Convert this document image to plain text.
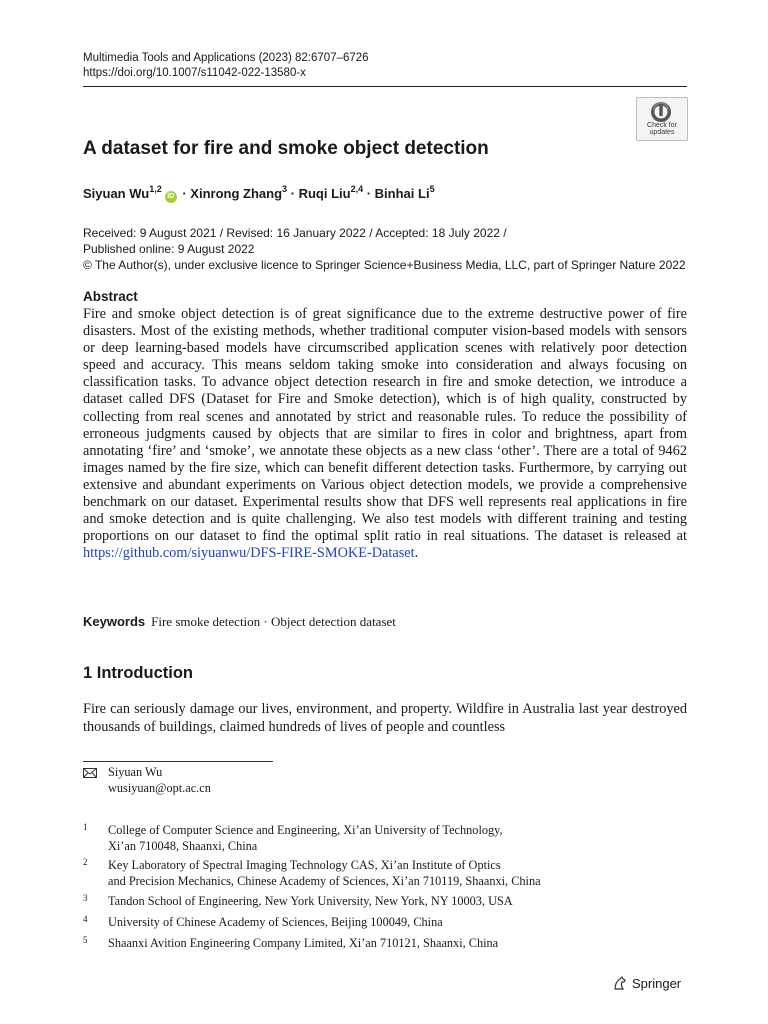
Multimedia Tools and Applications (2023) 82:6707–6726
https://doi.org/10.1007/s11042-022-13580-x
Check for
updates
A dataset for fire and smoke object detection
Siyuan Wu$^{1,2}$iD · Xinrong Zhang$^3$ · Ruqi Liu$^{2,4}$ · Binhai Li$^5$
Received: 9 August 2021 / Revised: 16 January 2022 / Accepted: 18 July 2022 /
Published online: 9 August 2022
© The Author(s), under exclusive licence to Springer Science+Business Media, LLC, part of Springer Nature 2022
Abstract
Fire and smoke object detection is of great significance due to the extreme destructive power of fire disasters. Most of the existing methods, whether traditional computer vision-based models with sensors or deep learning-based models have circumscribed application scenes with relatively poor detection speed and accuracy. This means seldom taking smoke into consideration and always focusing on classification tasks. To advance object detection research in fire and smoke detection, we introduce a dataset called DFS (Dataset for Fire and Smoke detection), which is of high quality, constructed by collecting from real scenes and annotated by strict and reasonable rules. To reduce the possibility of erroneous judgments caused by objects that are similar to fires in color and brightness, apart from annotating ‘fire’ and ‘smoke’, we annotate these objects as a new class ‘other’. There are a total of 9462 images named by the fire size, which can benefit different detection tasks. Furthermore, by carrying out extensive and abundant experiments on Various object detection models, we provide a comprehensive benchmark on our dataset. Experimental results show that DFS well represents real applications in fire and smoke detection and is quite challenging. We also test models with different training and testing proportions on our dataset to find the optimal split ratio in real situations. The dataset is released at https://github.com/siyuanwu/DFS-FIRE-SMOKE-Dataset.
Keywords Fire smoke detection · Object detection dataset
1 Introduction
Fire can seriously damage our lives, environment, and property. Wildfire in Australia last year destroyed thousands of buildings, claimed hundreds of lives of people and countless
Siyuan Wu
wusiyuan@opt.ac.cn
1 College of Computer Science and Engineering, Xi’an University of Technology,
Xi’an 710048, Shaanxi, China
2 Key Laboratory of Spectral Imaging Technology CAS, Xi’an Institute of Optics
and Precision Mechanics, Chinese Academy of Sciences, Xi’an 710119, Shaanxi, China
3 Tandon School of Engineering, New York University, New York, NY 10003, USA
4 University of Chinese Academy of Sciences, Beijing 100049, China
5 Shaanxi Avition Engineering Company Limited, Xi’an 710121, Shaanxi, China
Springer
